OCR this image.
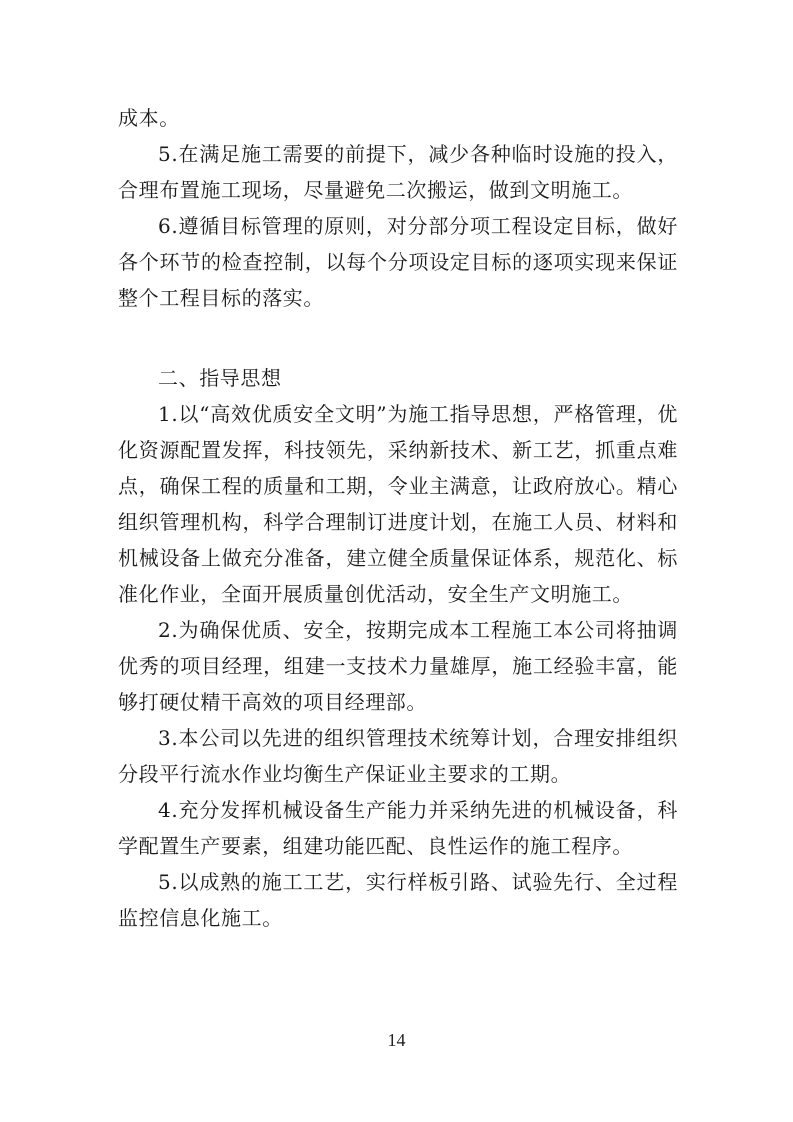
成本。

5.在满足施工需要的前提下，减少各种临时设施的投入，合理布置施工现场，尽量避免二次搬运，做到文明施工。

6.遵循目标管理的原则，对分部分项工程设定目标，做好各个环节的检查控制，以每个分项设定目标的逐项实现来保证整个工程目标的落实。

二、指导思想

1.以“高效优质安全文明”为施工指导思想，严格管理，优化资源配置发挥，科技领先，采纳新技术、新工艺，抓重点难点，确保工程的质量和工期，令业主满意，让政府放心。精心组织管理机构，科学合理制订进度计划，在施工人员、材料和机械设备上做充分准备，建立健全质量保证体系，规范化、标准化作业，全面开展质量创优活动，安全生产文明施工。

2.为确保优质、安全，按期完成本工程施工本公司将抽调优秀的项目经理，组建一支技术力量雄厚，施工经验丰富，能够打硬仗精干高效的项目经理部。

3.本公司以先进的组织管理技术统筹计划，合理安排组织分段平行流水作业均衡生产保证业主要求的工期。

4.充分发挥机械设备生产能力并采纳先进的机械设备，科学配置生产要素，组建功能匹配、良性运作的施工程序。

5.以成熟的施工工艺，实行样板引路、试验先行、全过程监控信息化施工。

14
